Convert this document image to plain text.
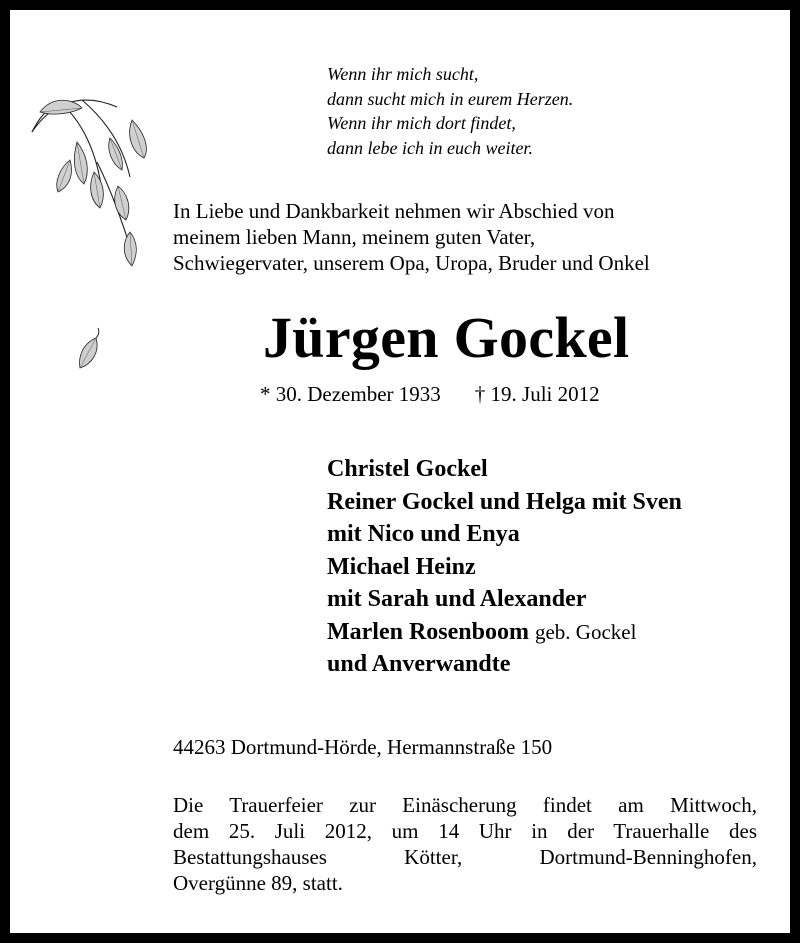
Wenn ihr mich sucht,
dann sucht mich in eurem Herzen.
Wenn ihr mich dort findet,
dann lebe ich in euch weiter.
In Liebe und Dankbarkeit nehmen wir Abschied von
meinem lieben Mann, meinem guten Vater,
Schwiegervater, unserem Opa, Uropa, Bruder und Onkel
Jürgen Gockel
* 30. Dezember 1933 † 19. Juli 2012
Christel Gockel
Reiner Gockel und Helga mit Sven
mit Nico und Enya
Michael Heinz
mit Sarah und Alexander
Marlen Rosenboom geb. Gockel
und Anverwandte
44263 Dortmund-Hörde, Hermannstraße 150
Die Trauerfeier zur Einäscherung findet am Mittwoch,
dem 25. Juli 2012, um 14 Uhr in der Trauerhalle des
Bestattungshauses Kötter, Dortmund-Benninghofen,
Overgünne 89, statt.
